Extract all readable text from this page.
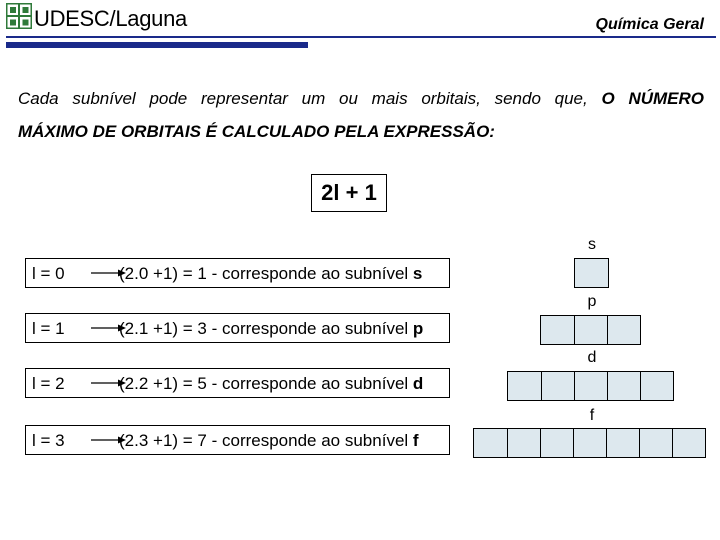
UDESC/Laguna	Química Geral
Cada subnível pode representar um ou mais orbitais, sendo que, O NÚMERO
MÁXIMO DE ORBITAIS É CALCULADO PELA EXPRESSÃO:
2l + 1
l = 0	(2.0 +1) = 1 - corresponde ao subnível s
l = 1	(2.1 +1) = 3 - corresponde ao subnível p
l = 2	(2.2 +1) = 5 - corresponde ao subnível d
l = 3	(2.3 +1) = 7 - corresponde ao subnível f
s
p
d
f
